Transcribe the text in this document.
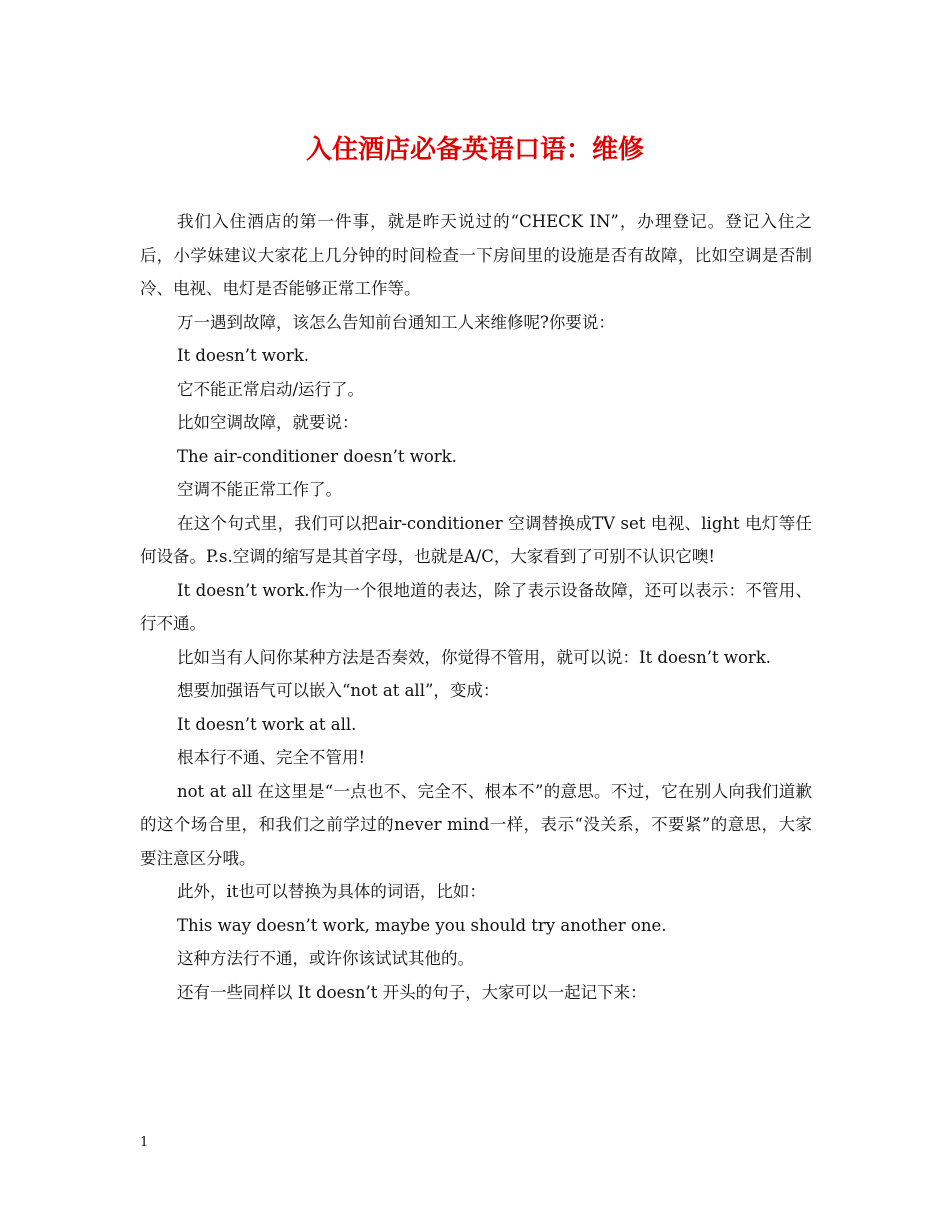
入住酒店必备英语口语：维修

我们入住酒店的第一件事，就是昨天说过的“CHECK IN”，办理登记。登记入住之后，小学妹建议大家花上几分钟的时间检查一下房间里的设施是否有故障，比如空调是否制冷、电视、电灯是否能够正常工作等。

万一遇到故障，该怎么告知前台通知工人来维修呢?你要说：

It doesn’t work.

它不能正常启动/运行了。

比如空调故障，就要说：

The air-conditioner doesn’t work.

空调不能正常工作了。

在这个句式里，我们可以把air-conditioner 空调替换成TV set 电视、light 电灯等任何设备。P.s.空调的缩写是其首字母，也就是A/C，大家看到了可别不认识它噢!

It doesn’t work.作为一个很地道的表达，除了表示设备故障，还可以表示：不管用、行不通。

比如当有人问你某种方法是否奏效，你觉得不管用，就可以说：It doesn’t work.

想要加强语气可以嵌入“not at all”，变成：

It doesn’t work at all.

根本行不通、完全不管用!

not at all 在这里是“一点也不、完全不、根本不”的意思。不过，它在别人向我们道歉的这个场合里，和我们之前学过的never mind一样，表示“没关系，不要紧”的意思，大家要注意区分哦。

此外，it也可以替换为具体的词语，比如：

This way doesn’t work, maybe you should try another one.

这种方法行不通，或许你该试试其他的。

还有一些同样以 It doesn’t 开头的句子，大家可以一起记下来：

1
